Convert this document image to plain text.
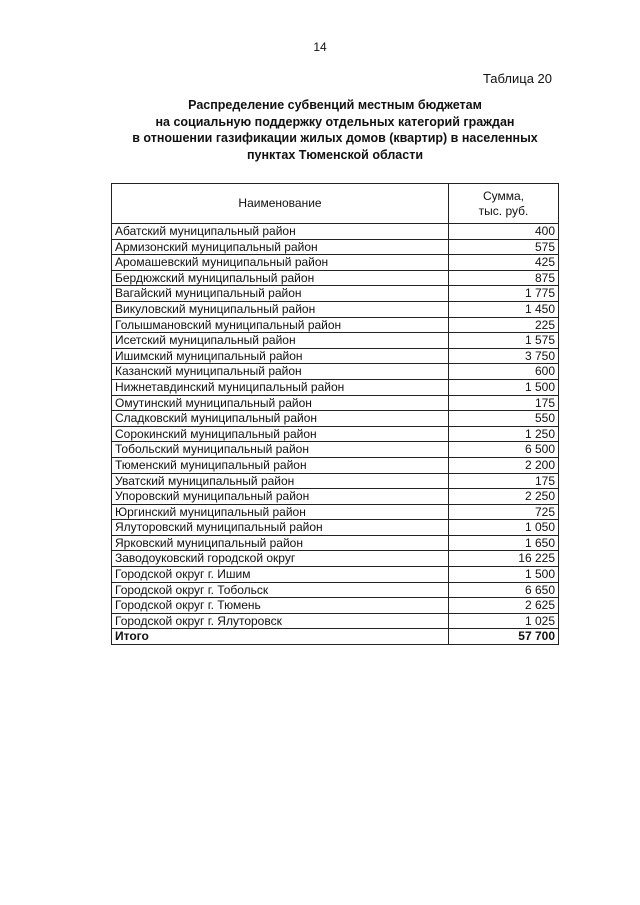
14
Таблица 20
Распределение субвенций местным бюджетам
на социальную поддержку отдельных категорий граждан
в отношении газификации жилых домов (квартир) в населенных
пунктах Тюменской области
Наименование	Сумма,
тыс. руб.

Абатский муниципальный район	400
Армизонский муниципальный район	575
Аромашевский муниципальный район	425
Бердюжский муниципальный район	875
Вагайский муниципальный район	1 775
Викуловский муниципальный район	1 450
Голышмановский муниципальный район	225
Исетский муниципальный район	1 575
Ишимский муниципальный район	3 750
Казанский муниципальный район	600
Нижнетавдинский муниципальный район	1 500
Омутинский муниципальный район	175
Сладковский муниципальный район	550
Сорокинский муниципальный район	1 250
Тобольский муниципальный район	6 500
Тюменский муниципальный район	2 200
Уватский муниципальный район	175
Упоровский муниципальный район	2 250
Юргинский муниципальный район	725
Ялуторовский муниципальный район	1 050
Ярковский муниципальный район	1 650
Заводоуковский городской округ	16 225
Городской округ г. Ишим	1 500
Городской округ г. Тобольск	6 650
Городской округ г. Тюмень	2 625
Городской округ г. Ялуторовск	1 025
Итого	57 700
